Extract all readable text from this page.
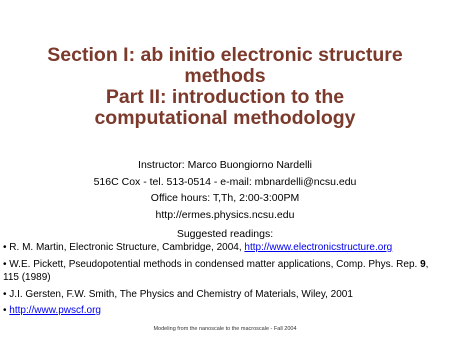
Section I: ab initio electronic structure
methods
Part II: introduction to the
computational methodology
Instructor: Marco Buongiorno Nardelli
516C Cox - tel. 513-0514 - e-mail: mbnardelli@ncsu.edu
Office hours: T,Th, 2:00-3:00PM
http://ermes.physics.ncsu.edu
Suggested readings:
• R. M. Martin, Electronic Structure, Cambridge, 2004, http://www.electronicstructure.org
• W.E. Pickett, Pseudopotential methods in condensed matter applications, Comp. Phys. Rep. 9, 115 (1989)
• J.I. Gersten, F.W. Smith, The Physics and Chemistry of Materials, Wiley, 2001
• http://www.pwscf.org
Modeling from the nanoscale to the macroscale - Fall 2004
